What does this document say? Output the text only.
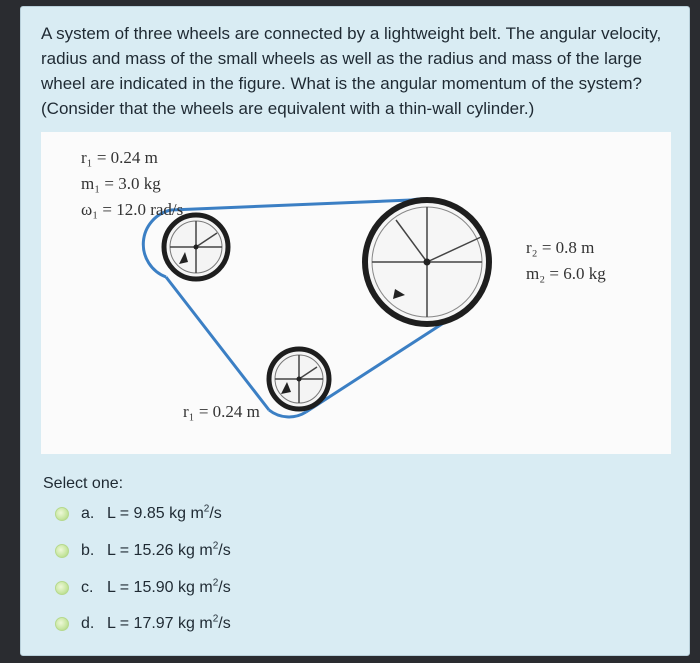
A system of three wheels are connected by a lightweight belt. The angular velocity, radius and mass of the small wheels as well as the radius and mass of the large wheel are indicated in the figure. What is the angular momentum of the system? (Consider that the wheels are equivalent with a thin-wall cylinder.)
r₁ = 0.24 m
m₁ = 3.0 kg
ω₁ = 12.0 rad/s
r₂ = 0.8 m
m₂ = 6.0 kg
r₁ = 0.24 m
Select one:
a. L = 9.85 kg $m^2/s$
b. L = 15.26 kg $m^2/s$
c. L = 15.90 kg $m^2/s$
d. L = 17.97 kg $m^2/s$
